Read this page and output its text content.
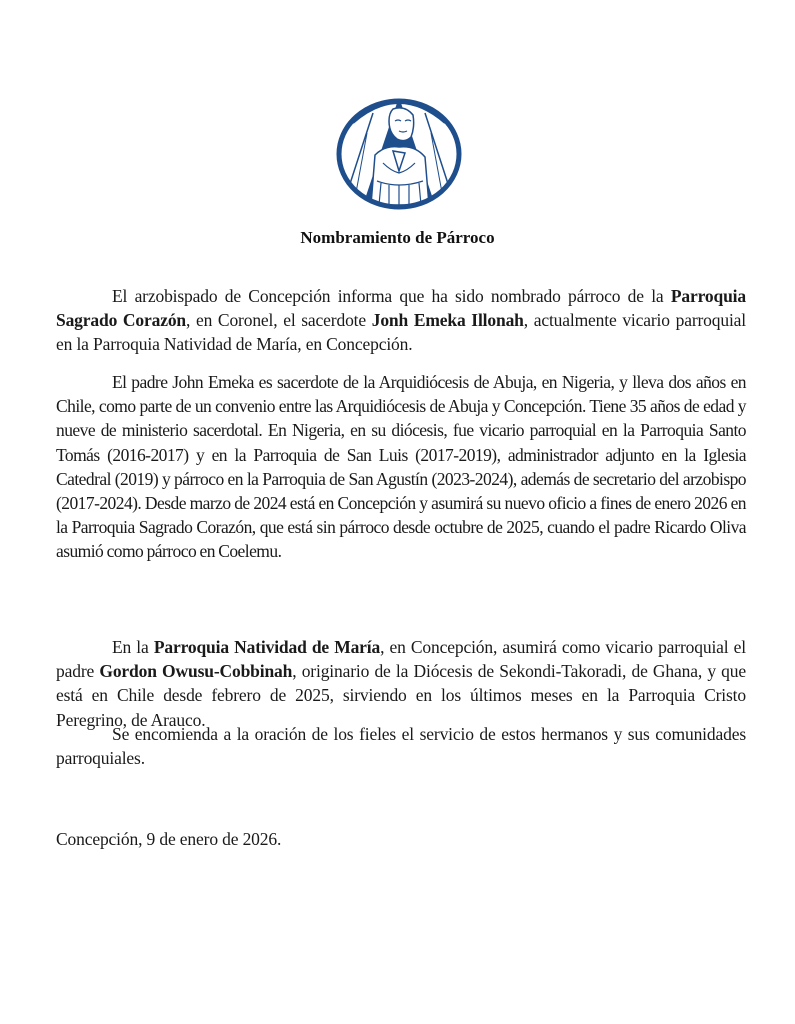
Nombramiento de Párroco

El arzobispado de Concepción informa que ha sido nombrado párroco de la Parroquia Sagrado Corazón, en Coronel, el sacerdote Jonh Emeka Illonah, actualmente vicario parroquial en la Parroquia Natividad de María, en Concepción.

El padre John Emeka es sacerdote de la Arquidiócesis de Abuja, en Nigeria, y lleva dos años en Chile, como parte de un convenio entre las Arquidiócesis de Abuja y Concepción. Tiene 35 años de edad y nueve de ministerio sacerdotal. En Nigeria, en su diócesis, fue vicario parroquial en la Parroquia Santo Tomás (2016-2017) y en la Parroquia de San Luis (2017-2019), administrador adjunto en la Iglesia Catedral (2019) y párroco en la Parroquia de San Agustín (2023-2024), además de secretario del arzobispo (2017-2024). Desde marzo de 2024 está en Concepción y asumirá su nuevo oficio a fines de enero 2026 en la Parroquia Sagrado Corazón, que está sin párroco desde octubre de 2025, cuando el padre Ricardo Oliva asumió como párroco en Coelemu.

En la Parroquia Natividad de María, en Concepción, asumirá como vicario parroquial el padre Gordon Owusu-Cobbinah, originario de la Diócesis de Sekondi-Takoradi, de Ghana, y que está en Chile desde febrero de 2025, sirviendo en los últimos meses en la Parroquia Cristo Peregrino, de Arauco.

Se encomienda a la oración de los fieles el servicio de estos hermanos y sus comunidades parroquiales.

Concepción, 9 de enero de 2026.
